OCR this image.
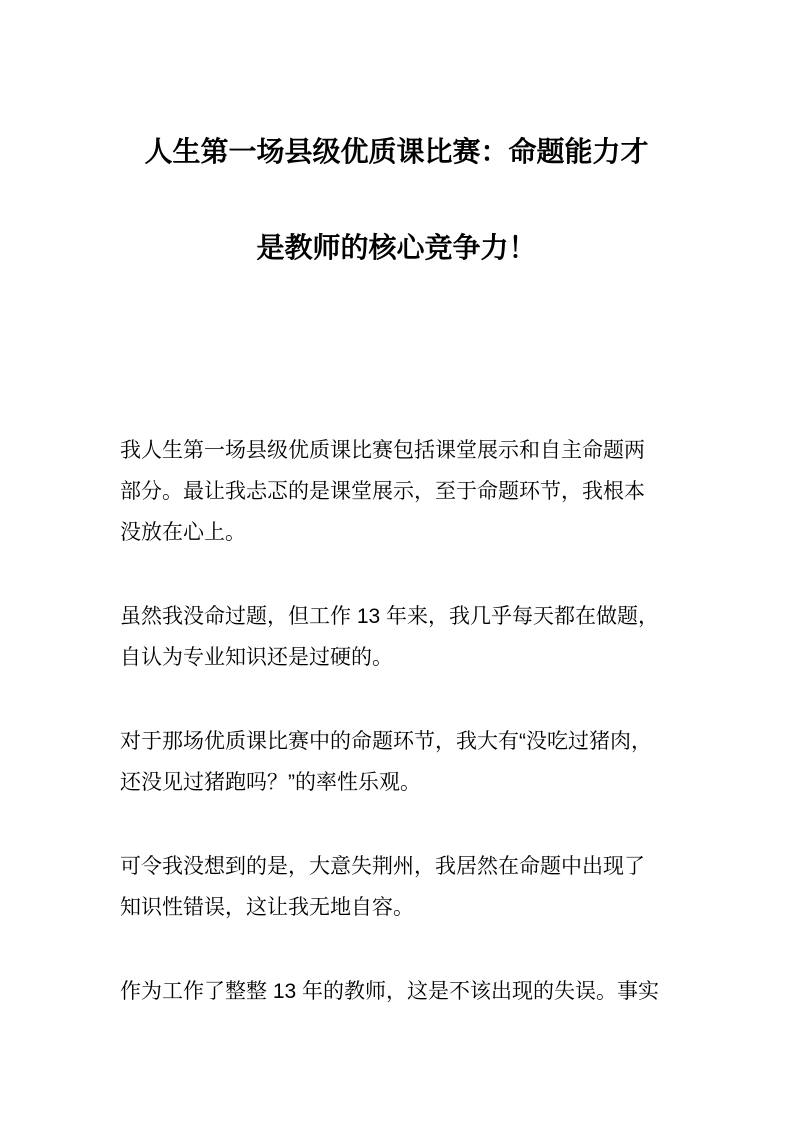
人生第一场县级优质课比赛：命题能力才
是教师的核心竞争力！
我人生第一场县级优质课比赛包括课堂展示和自主命题两
部分。最让我忐忑的是课堂展示，至于命题环节，我根本
没放在心上。
虽然我没命过题，但工作 13 年来，我几乎每天都在做题，
自认为专业知识还是过硬的。
对于那场优质课比赛中的命题环节，我大有“没吃过猪肉，
还没见过猪跑吗？”的率性乐观。
可令我没想到的是，大意失荆州，我居然在命题中出现了
知识性错误，这让我无地自容。
作为工作了整整 13 年的教师，这是不该出现的失误。事实
